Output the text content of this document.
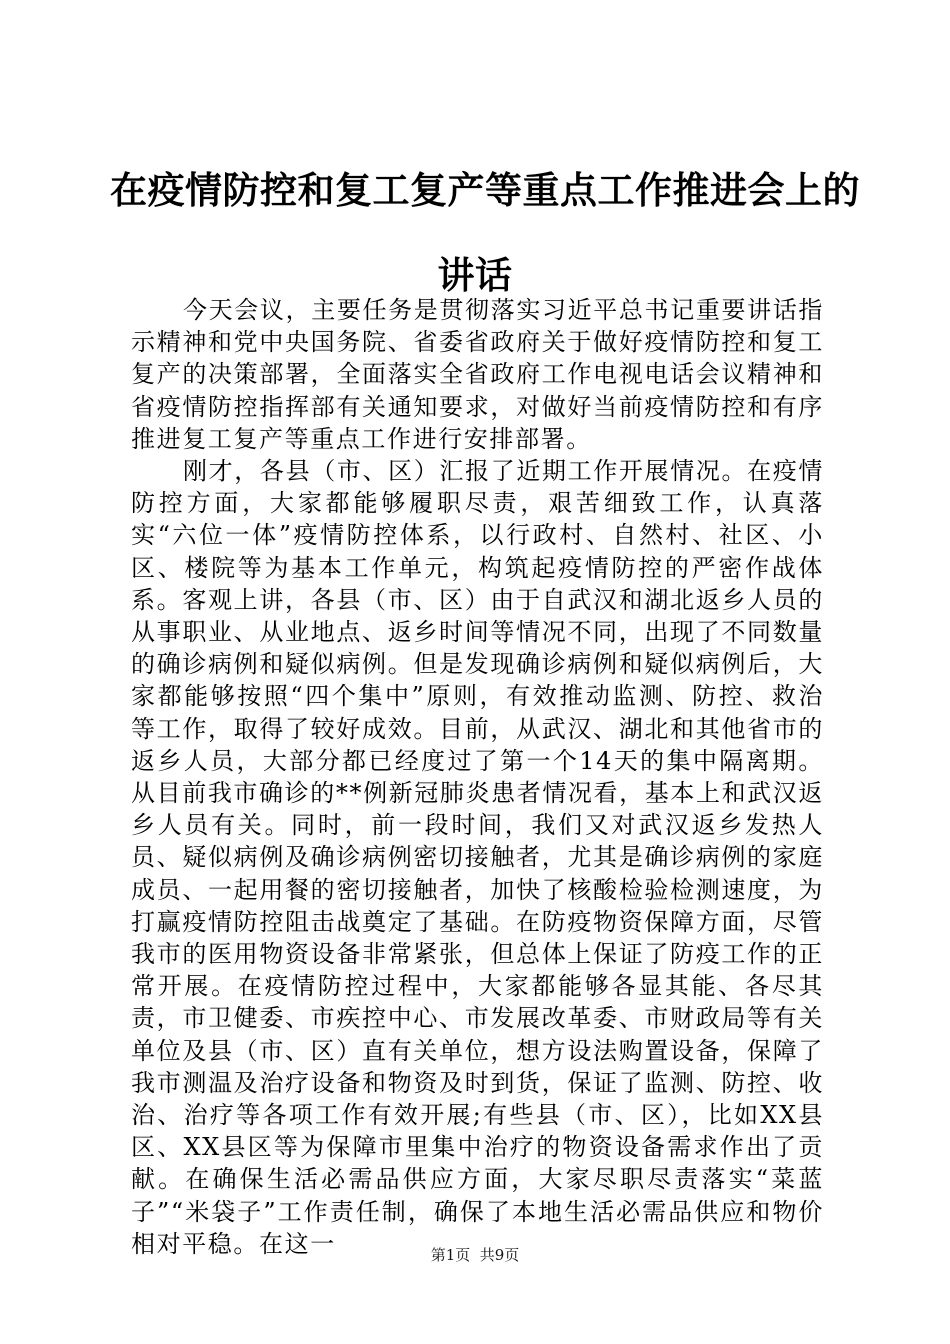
在疫情防控和复工复产等重点工作推进会上的
讲话

今天会议，主要任务是贯彻落实习近平总书记重要讲话指示精神和党中央国务院、省委省政府关于做好疫情防控和复工复产的决策部署，全面落实全省政府工作电视电话会议精神和省疫情防控指挥部有关通知要求，对做好当前疫情防控和有序推进复工复产等重点工作进行安排部署。

刚才，各县（市、区）汇报了近期工作开展情况。在疫情防控方面，大家都能够履职尽责，艰苦细致工作，认真落实“六位一体”疫情防控体系，以行政村、自然村、社区、小区、楼院等为基本工作单元，构筑起疫情防控的严密作战体系。客观上讲，各县（市、区）由于自武汉和湖北返乡人员的从事职业、从业地点、返乡时间等情况不同，出现了不同数量的确诊病例和疑似病例。但是发现确诊病例和疑似病例后，大家都能够按照“四个集中”原则，有效推动监测、防控、救治等工作，取得了较好成效。目前，从武汉、湖北和其他省市的返乡人员，大部分都已经度过了第一个14天的集中隔离期。从目前我市确诊的**例新冠肺炎患者情况看，基本上和武汉返乡人员有关。同时，前一段时间，我们又对武汉返乡发热人员、疑似病例及确诊病例密切接触者，尤其是确诊病例的家庭成员、一起用餐的密切接触者，加快了核酸检验检测速度，为打赢疫情防控阻击战奠定了基础。在防疫物资保障方面，尽管我市的医用物资设备非常紧张，但总体上保证了防疫工作的正常开展。在疫情防控过程中，大家都能够各显其能、各尽其责，市卫健委、市疾控中心、市发展改革委、市财政局等有关单位及县（市、区）直有关单位，想方设法购置设备，保障了我市测温及治疗设备和物资及时到货，保证了监测、防控、收治、治疗等各项工作有效开展;有些县（市、区），比如XX县区、XX县区等为保障市里集中治疗的物资设备需求作出了贡献。在确保生活必需品供应方面，大家尽职尽责落实“菜蓝子”“米袋子”工作责任制，确保了本地生活必需品供应和物价相对平稳。在这一	第1页  共9页
